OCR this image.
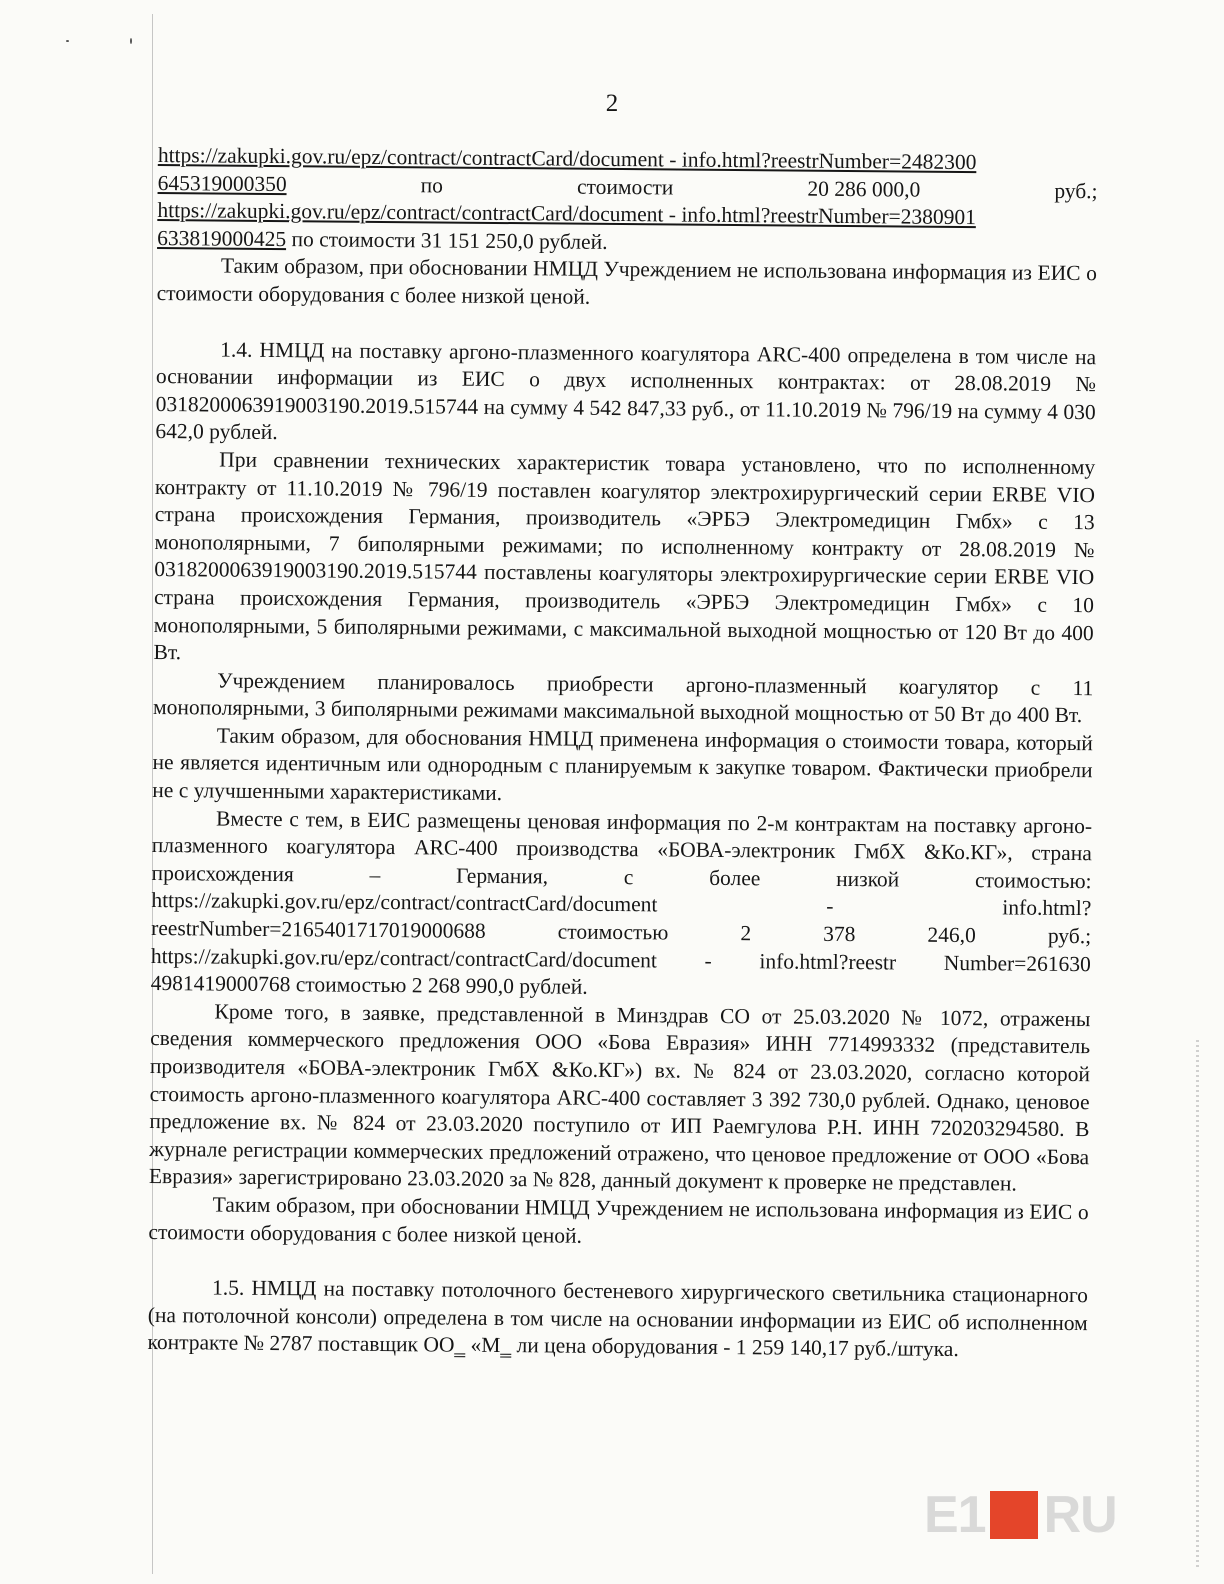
2

https://zakupki.gov.ru/epz/contract/contractCard/document - info.html?reestrNumber=2482300

645319000350	по	стоимости	20 286 000,0	руб.;

https://zakupki.gov.ru/epz/contract/contractCard/document - info.html?reestrNumber=2380901

633819000425 по стоимости 31 151 250,0 рублей.

Таким образом, при обосновании НМЦД Учреждением не использована информация из ЕИС о стоимости оборудования с более низкой ценой.

1.4. НМЦД на поставку аргоно-плазменного коагулятора ARC-400 определена в том числе на основании информации из ЕИС о двух исполненных контрактах: от 28.08.2019 № 0318200063919003190.2019.515744 на сумму 4 542 847,33 руб., от 11.10.2019 № 796/19 на сумму 4 030 642,0 рублей.

При сравнении технических характеристик товара установлено, что по исполненному контракту от 11.10.2019 № 796/19 поставлен коагулятор электрохирургический серии ERBE VIO страна происхождения Германия, производитель «ЭРБЭ Электромедицин Гмбх» с 13 монополярными, 7 биполярными режимами; по исполненному контракту от 28.08.2019 № 0318200063919003190.2019.515744 поставлены коагуляторы электрохирургические серии ERBE VIO страна происхождения Германия, производитель «ЭРБЭ Электромедицин Гмбх» с 10 монополярными, 5 биполярными режимами, с максимальной выходной мощностью от 120 Вт до 400 Вт.

Учреждением планировалось приобрести аргоно-плазменный коагулятор с 11 монополярными, 3 биполярными режимами максимальной выходной мощностью от 50 Вт до 400 Вт.

Таким образом, для обоснования НМЦД применена информация о стоимости товара, который не является идентичным или однородным с планируемым к закупке товаром. Фактически приобрели не с улучшенными характеристиками.

Вместе с тем, в ЕИС размещены ценовая информация по 2-м контрактам на поставку аргоно-плазменного коагулятора ARC-400 производства «БОВА-электроник ГмбХ &Ко.КГ», страна происхождения – Германия, с более низкой стоимостью: https://zakupki.gov.ru/epz/contract/contractCard/document - info.html?reestrNumber=2165401717019000688 стоимостью 2 378 246,0 руб.; https://zakupki.gov.ru/epz/contract/contractCard/document - info.html?reestr Number=261630 4981419000768 стоимостью 2 268 990,0 рублей.

Кроме того, в заявке, представленной в Минздрав СО от 25.03.2020 № 1072, отражены сведения коммерческого предложения ООО «Бова Евразия» ИНН 7714993332 (представитель производителя «БОВА-электроник ГмбХ &Ко.КГ») вх. № 824 от 23.03.2020, согласно которой стоимость аргоно-плазменного коагулятора ARC-400 составляет 3 392 730,0 рублей. Однако, ценовое предложение вх. № 824 от 23.03.2020 поступило от ИП Раемгулова Р.Н. ИНН 720203294580. В журнале регистрации коммерческих предложений отражено, что ценовое предложение от ООО «Бова Евразия» зарегистрировано 23.03.2020 за № 828, данный документ к проверке не представлен.

Таким образом, при обосновании НМЦД Учреждением не использована информация из ЕИС о стоимости оборудования с более низкой ценой.

1.5. НМЦД на поставку потолочного бестеневого хирургического светильника стационарного (на потолочной консоли) определена в том числе на основании информации из ЕИС об исполненном контракте № 2787 поставщик ОО‗ «М‗ ли цена оборудования - 1 259 140,17 руб./штука.

E1 RU
